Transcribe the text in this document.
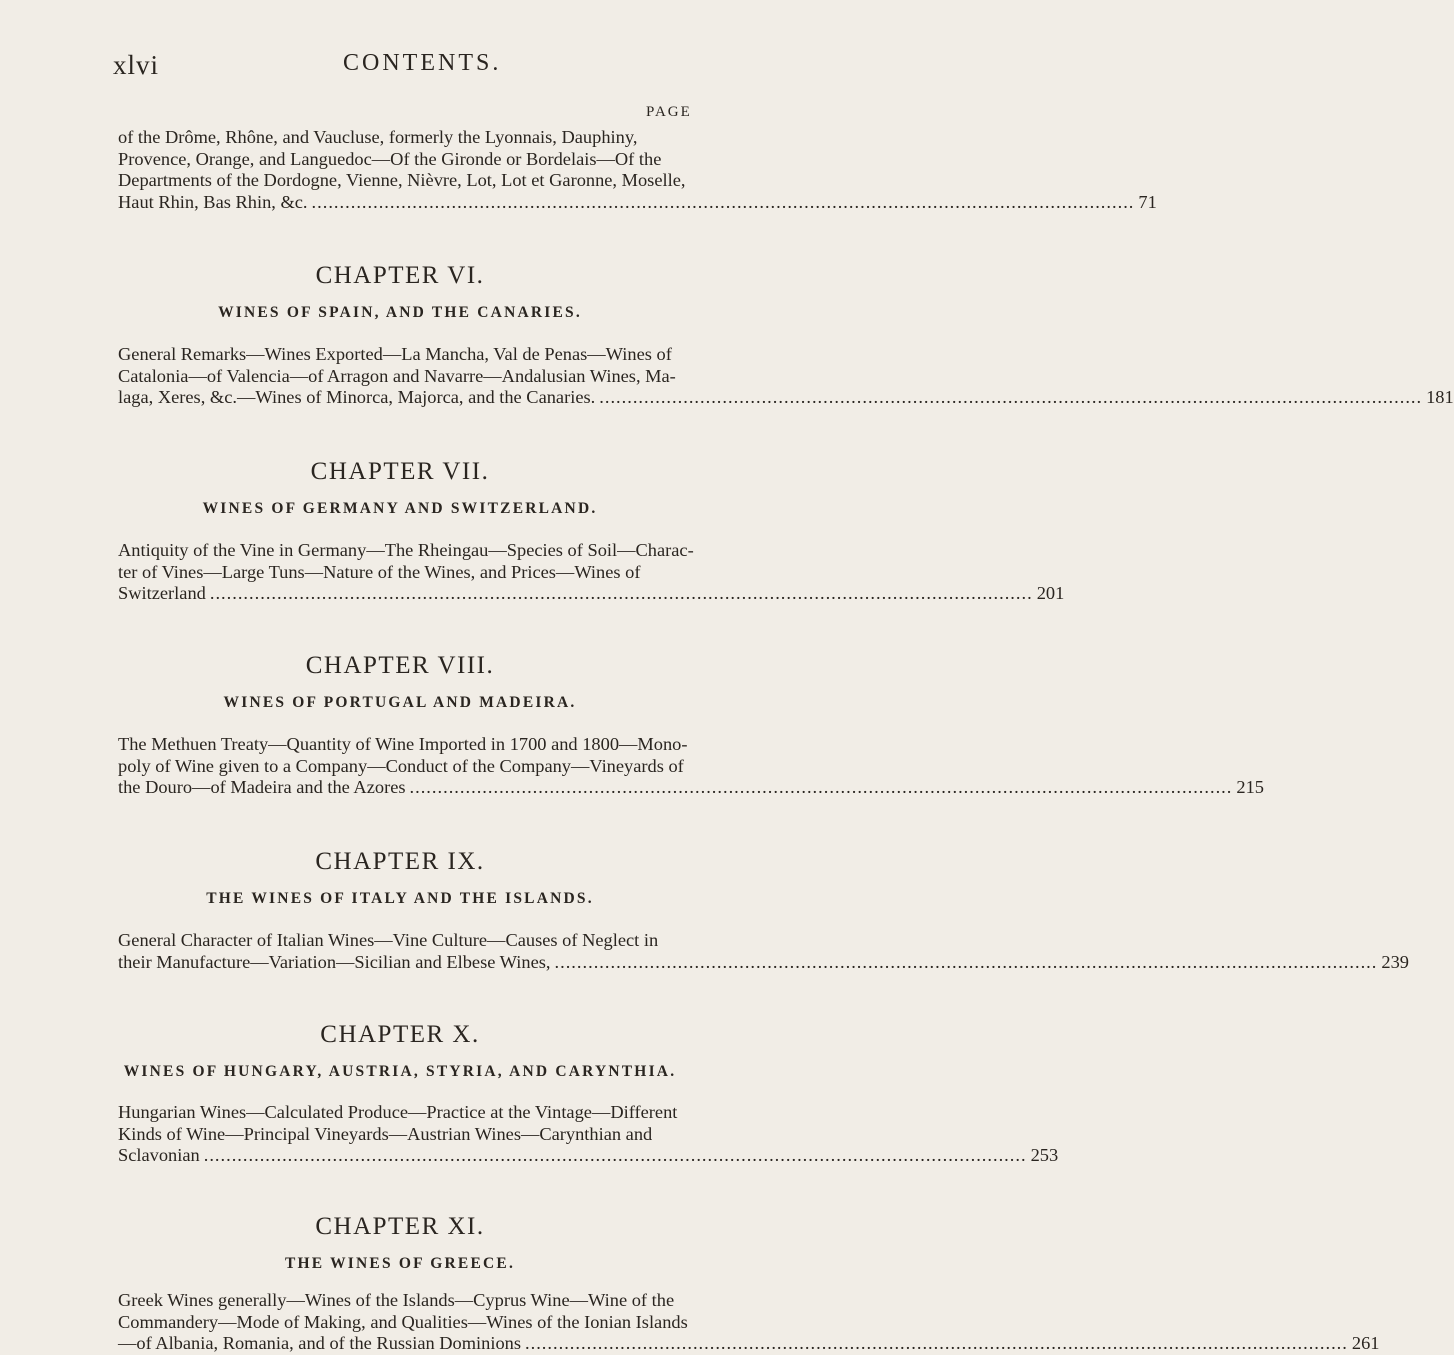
xlvi	CONTENTS.
PAGE
of the Drôme, Rhône, and Vaucluse, formerly the Lyonnais, Dauphiny,
Provence, Orange, and Languedoc—Of the Gironde or Bordelais—Of the
Departments of the Dordogne, Vienne, Nièvre, Lot, Lot et Garonne, Moselle,
Haut Rhin, Bas Rhin, &c. ................................................................................................................................................... 71
CHAPTER VI.
WINES OF SPAIN, AND THE CANARIES.
General Remarks—Wines Exported—La Mancha, Val de Penas—Wines of
Catalonia—of Valencia—of Arragon and Navarre—Andalusian Wines, Ma-
laga, Xeres, &c.—Wines of Minorca, Majorca, and the Canaries. ................................................................................................................................................... 181
CHAPTER VII.
WINES OF GERMANY AND SWITZERLAND.
Antiquity of the Vine in Germany—The Rheingau—Species of Soil—Charac-
ter of Vines—Large Tuns—Nature of the Wines, and Prices—Wines of
Switzerland ................................................................................................................................................... 201
CHAPTER VIII.
WINES OF PORTUGAL AND MADEIRA.
The Methuen Treaty—Quantity of Wine Imported in 1700 and 1800—Mono-
poly of Wine given to a Company—Conduct of the Company—Vineyards of
the Douro—of Madeira and the Azores ................................................................................................................................................... 215
CHAPTER IX.
THE WINES OF ITALY AND THE ISLANDS.
General Character of Italian Wines—Vine Culture—Causes of Neglect in
their Manufacture—Variation—Sicilian and Elbese Wines, ................................................................................................................................................... 239
CHAPTER X.
WINES OF HUNGARY, AUSTRIA, STYRIA, AND CARYNTHIA.
Hungarian Wines—Calculated Produce—Practice at the Vintage—Different
Kinds of Wine—Principal Vineyards—Austrian Wines—Carynthian and
Sclavonian ................................................................................................................................................... 253
CHAPTER XI.
THE WINES OF GREECE.
Greek Wines generally—Wines of the Islands—Cyprus Wine—Wine of the
Commandery—Mode of Making, and Qualities—Wines of the Ionian Islands
—of Albania, Romania, and of the Russian Dominions ................................................................................................................................................... 261
